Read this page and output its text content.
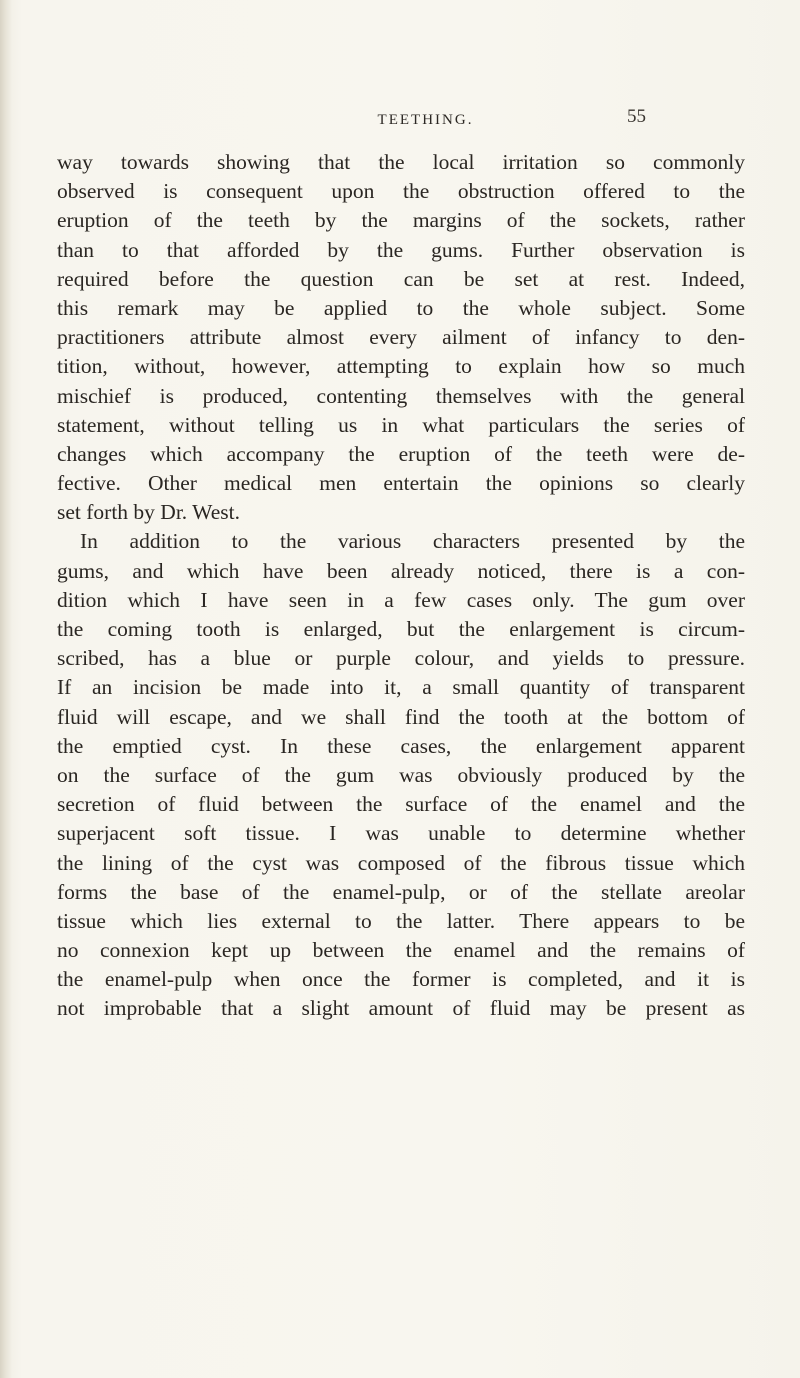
TEETHING.	55
way towards showing that the local irritation so commonly
observed is consequent upon the obstruction offered to the
eruption of the teeth by the margins of the sockets, rather
than to that afforded by the gums. Further observation is
required before the question can be set at rest. Indeed,
this remark may be applied to the whole subject. Some
practitioners attribute almost every ailment of infancy to den-
tition, without, however, attempting to explain how so much
mischief is produced, contenting themselves with the general
statement, without telling us in what particulars the series of
changes which accompany the eruption of the teeth were de-
fective. Other medical men entertain the opinions so clearly
set forth by Dr. West.
In addition to the various characters presented by the
gums, and which have been already noticed, there is a con-
dition which I have seen in a few cases only. The gum over
the coming tooth is enlarged, but the enlargement is circum-
scribed, has a blue or purple colour, and yields to pressure.
If an incision be made into it, a small quantity of transparent
fluid will escape, and we shall find the tooth at the bottom of
the emptied cyst. In these cases, the enlargement apparent
on the surface of the gum was obviously produced by the
secretion of fluid between the surface of the enamel and the
superjacent soft tissue. I was unable to determine whether
the lining of the cyst was composed of the fibrous tissue which
forms the base of the enamel-pulp, or of the stellate areolar
tissue which lies external to the latter. There appears to be
no connexion kept up between the enamel and the remains of
the enamel-pulp when once the former is completed, and it is
not improbable that a slight amount of fluid may be present as
